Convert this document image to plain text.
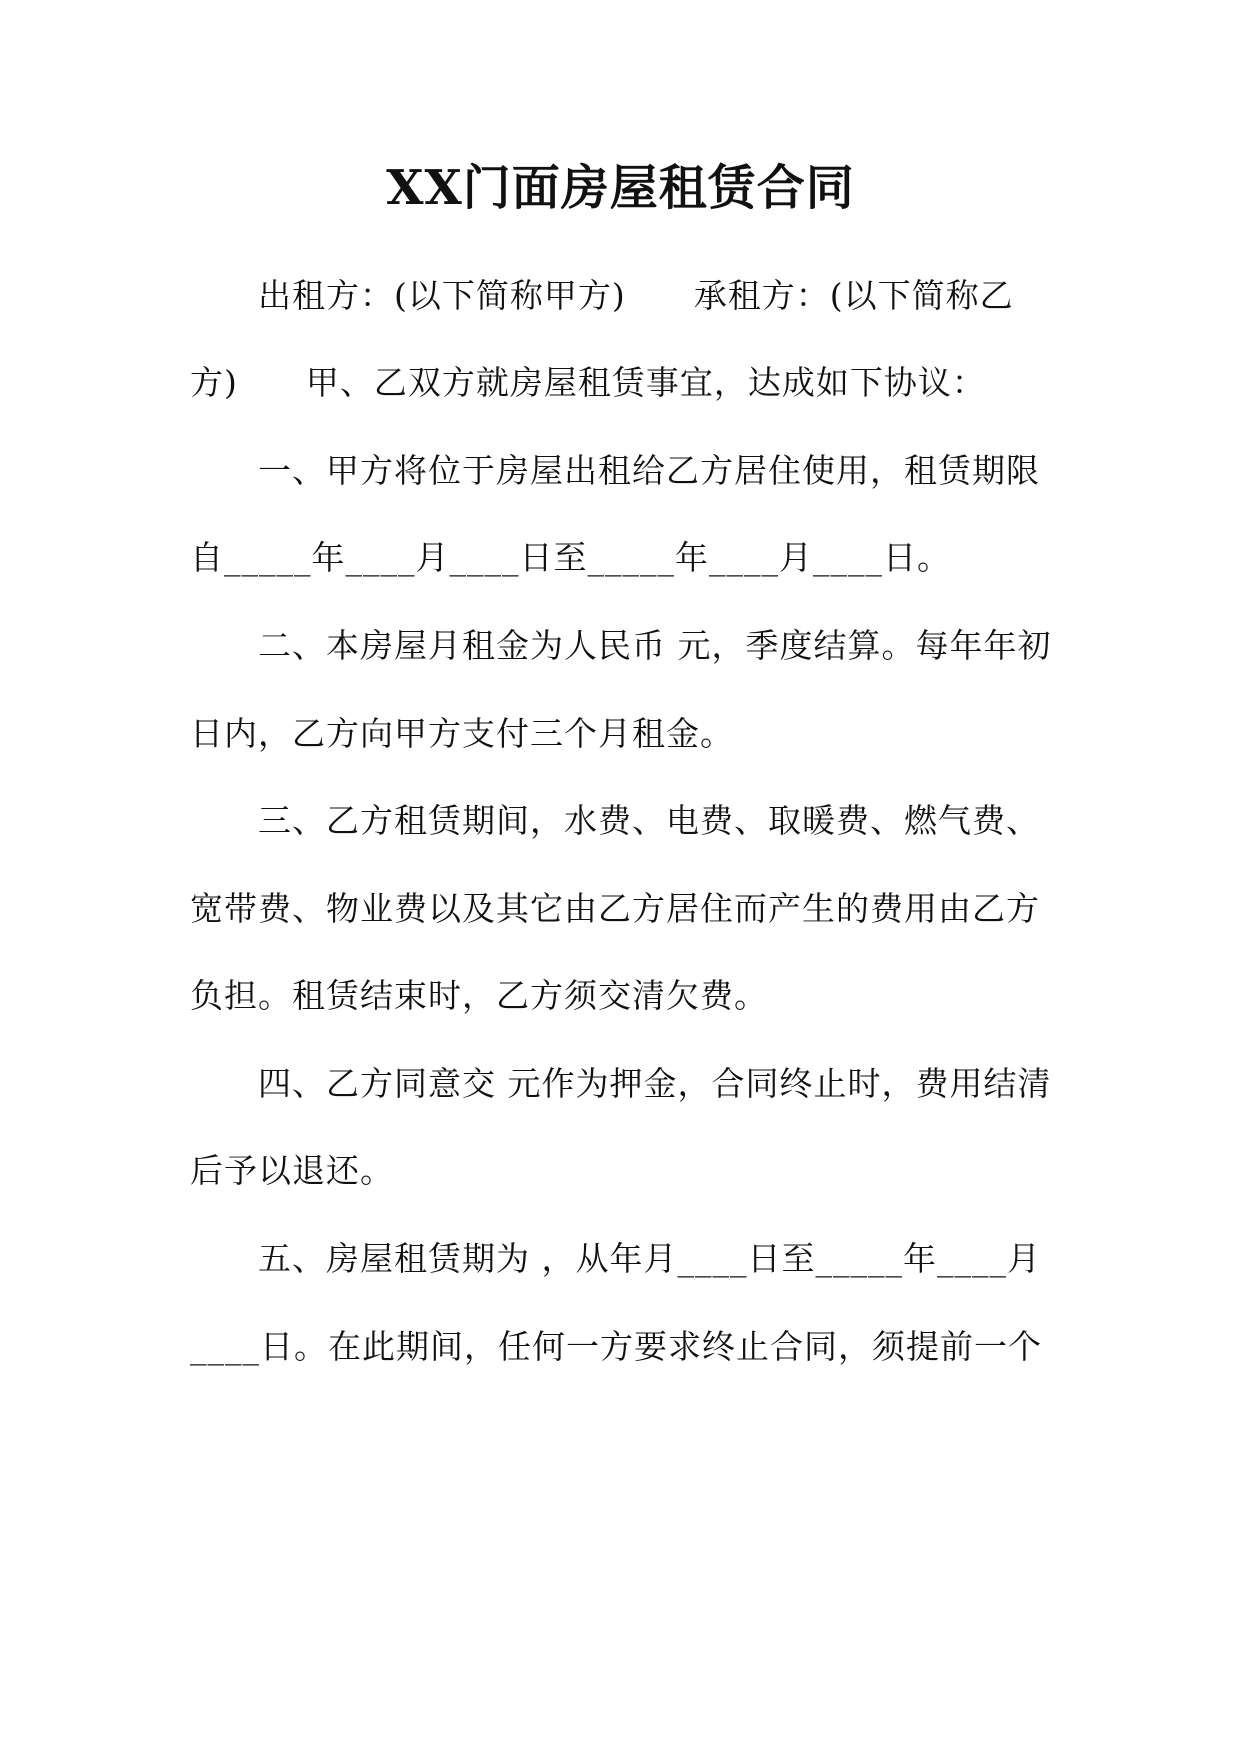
XX门面房屋租赁合同
　　出租方：(以下简称甲方)　　承租方：(以下简称乙
方)　　甲、乙双方就房屋租赁事宜，达成如下协议：
　　一、甲方将位于房屋出租给乙方居住使用，租赁期限
自_____年____月____日至_____年____月____日。
　　二、本房屋月租金为人民币 元，季度结算。每年年初
日内，乙方向甲方支付三个月租金。
　　三、乙方租赁期间，水费、电费、取暖费、燃气费、
宽带费、物业费以及其它由乙方居住而产生的费用由乙方
负担。租赁结束时，乙方须交清欠费。
　　四、乙方同意交 元作为押金，合同终止时，费用结清
后予以退还。
　　五、房屋租赁期为 ，从年月____日至_____年____月
____日。在此期间，任何一方要求终止合同，须提前一个
